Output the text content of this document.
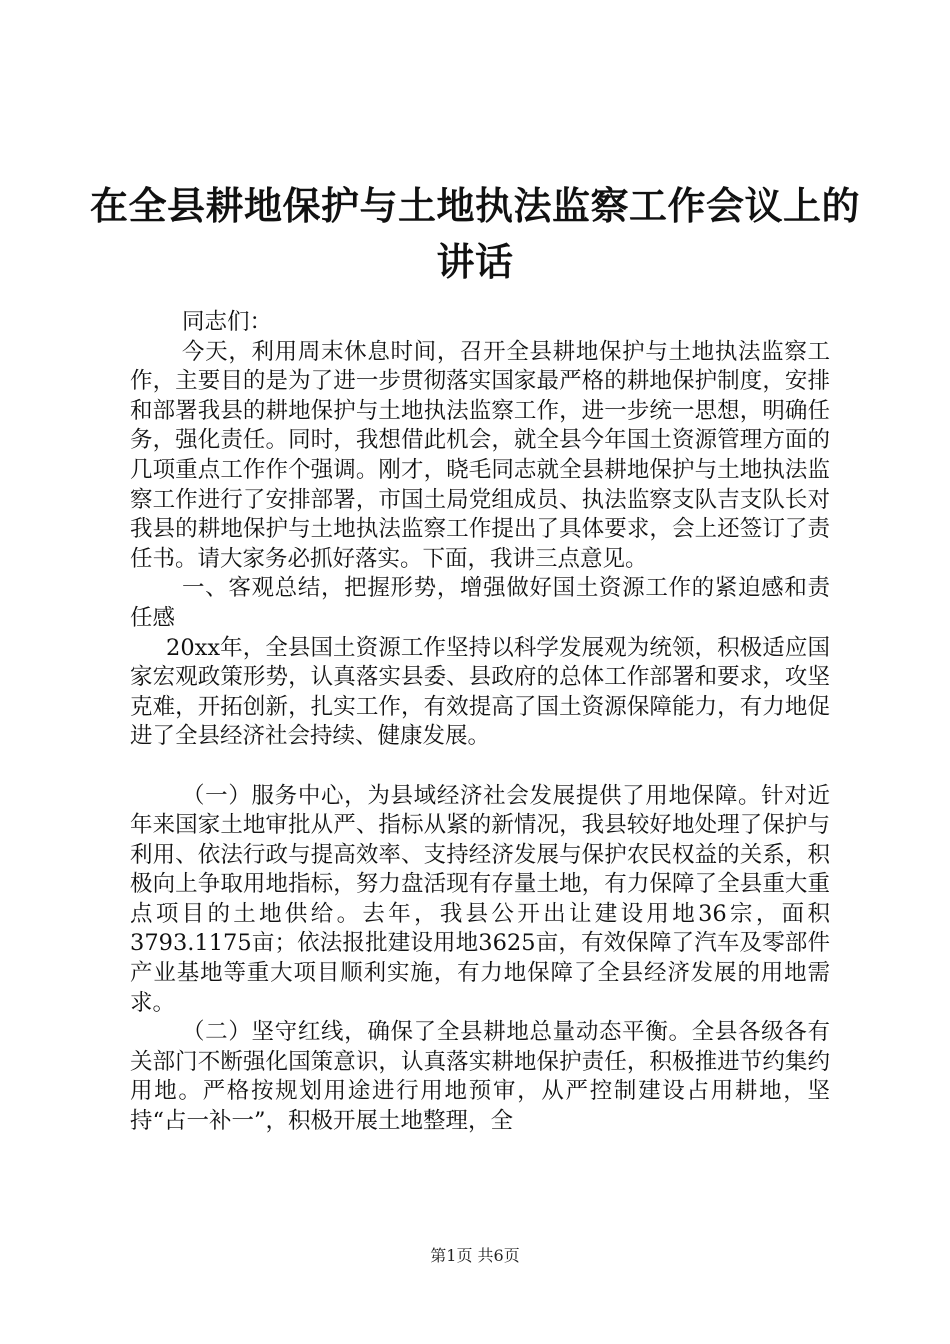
在全县耕地保护与土地执法监察工作会议上的
讲话

同志们：

今天，利用周末休息时间，召开全县耕地保护与土地执法监察工作，主要目的是为了进一步贯彻落实国家最严格的耕地保护制度，安排和部署我县的耕地保护与土地执法监察工作，进一步统一思想，明确任务，强化责任。同时，我想借此机会，就全县今年国土资源管理方面的几项重点工作作个强调。刚才，晓毛同志就全县耕地保护与土地执法监察工作进行了安排部署，市国土局党组成员、执法监察支队吉支队长对我县的耕地保护与土地执法监察工作提出了具体要求，会上还签订了责任书。请大家务必抓好落实。下面，我讲三点意见。

一、客观总结，把握形势，增强做好国土资源工作的紧迫感和责任感

20xx年，全县国土资源工作坚持以科学发展观为统领，积极适应国家宏观政策形势，认真落实县委、县政府的总体工作部署和要求，攻坚克难，开拓创新，扎实工作，有效提高了国土资源保障能力，有力地促进了全县经济社会持续、健康发展。

（一）服务中心，为县域经济社会发展提供了用地保障。针对近年来国家土地审批从严、指标从紧的新情况，我县较好地处理了保护与利用、依法行政与提高效率、支持经济发展与保护农民权益的关系，积极向上争取用地指标，努力盘活现有存量土地，有力保障了全县重大重点项目的土地供给。去年，我县公开出让建设用地36宗，面积3793.1175亩；依法报批建设用地3625亩，有效保障了汽车及零部件产业基地等重大项目顺利实施，有力地保障了全县经济发展的用地需求。

（二）坚守红线，确保了全县耕地总量动态平衡。全县各级各有关部门不断强化国策意识，认真落实耕地保护责任，积极推进节约集约用地。严格按规划用途进行用地预审，从严控制建设占用耕地，坚持“占一补一”，积极开展土地整理，全

第1页 共6页
